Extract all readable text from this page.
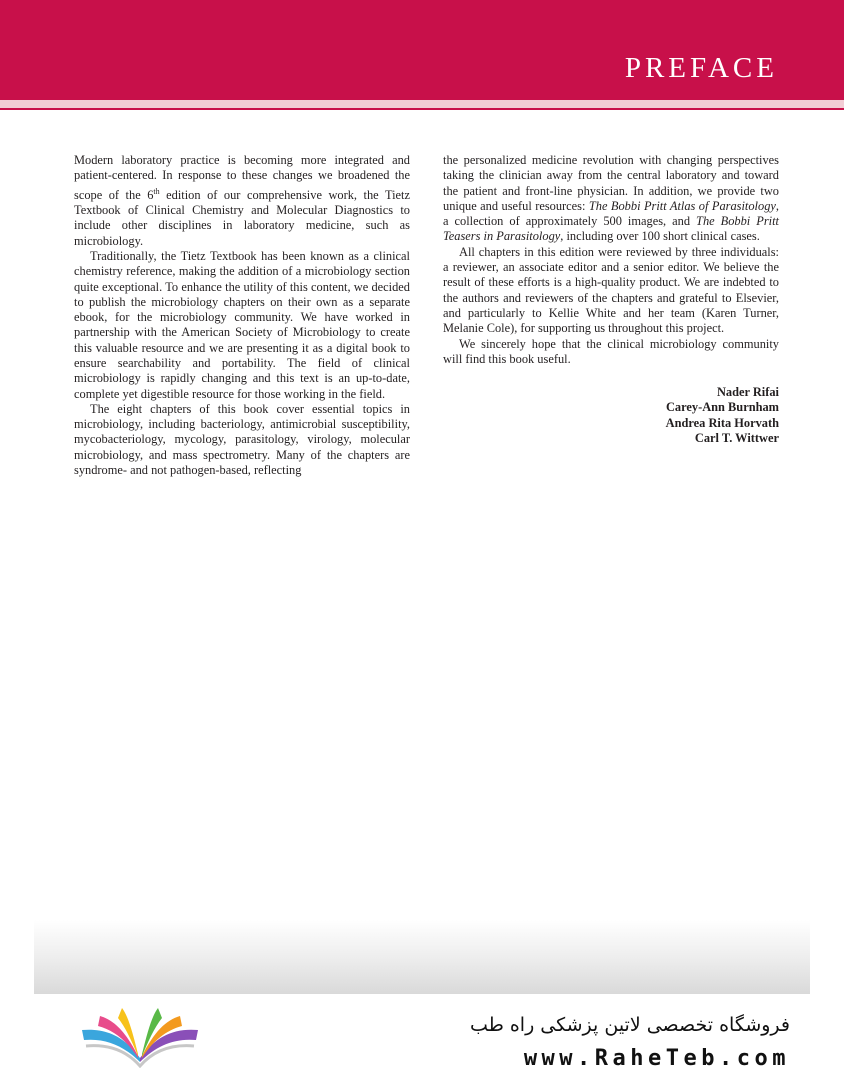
PREFACE

Modern laboratory practice is becoming more integrated and patient-centered. In response to these changes we broadened the scope of the 6th edition of our comprehensive work, the Tietz Textbook of Clinical Chemistry and Molecular Diagnostics to include other disciplines in laboratory medicine, such as microbiology.

Traditionally, the Tietz Textbook has been known as a clinical chemistry reference, making the addition of a microbiology section quite exceptional. To enhance the utility of this content, we decided to publish the microbiology chapters on their own as a separate ebook, for the microbiology community. We have worked in partnership with the American Society of Microbiology to create this valuable resource and we are presenting it as a digital book to ensure searchability and portability. The field of clinical microbiology is rapidly changing and this text is an up-to-date, complete yet digestible resource for those working in the field.

The eight chapters of this book cover essential topics in microbiology, including bacteriology, antimicrobial susceptibility, mycobacteriology, mycology, parasitology, virology, molecular microbiology, and mass spectrometry. Many of the chapters are syndrome- and not pathogen-based, reflecting

the personalized medicine revolution with changing perspectives taking the clinician away from the central laboratory and toward the patient and front-line physician. In addition, we provide two unique and useful resources: The Bobbi Pritt Atlas of Parasitology, a collection of approximately 500 images, and The Bobbi Pritt Teasers in Parasitology, including over 100 short clinical cases.

All chapters in this edition were reviewed by three individuals: a reviewer, an associate editor and a senior editor. We believe the result of these efforts is a high-quality product. We are indebted to the authors and reviewers of the chapters and grateful to Elsevier, and particularly to Kellie White and her team (Karen Turner, Melanie Cole), for supporting us throughout this project.

We sincerely hope that the clinical microbiology community will find this book useful.

Nader Rifai
Carey-Ann Burnham
Andrea Rita Horvath
Carl T. Wittwer
فروشگاه تخصصی لاتین پزشکی راه طب
www.RaheTeb.com
